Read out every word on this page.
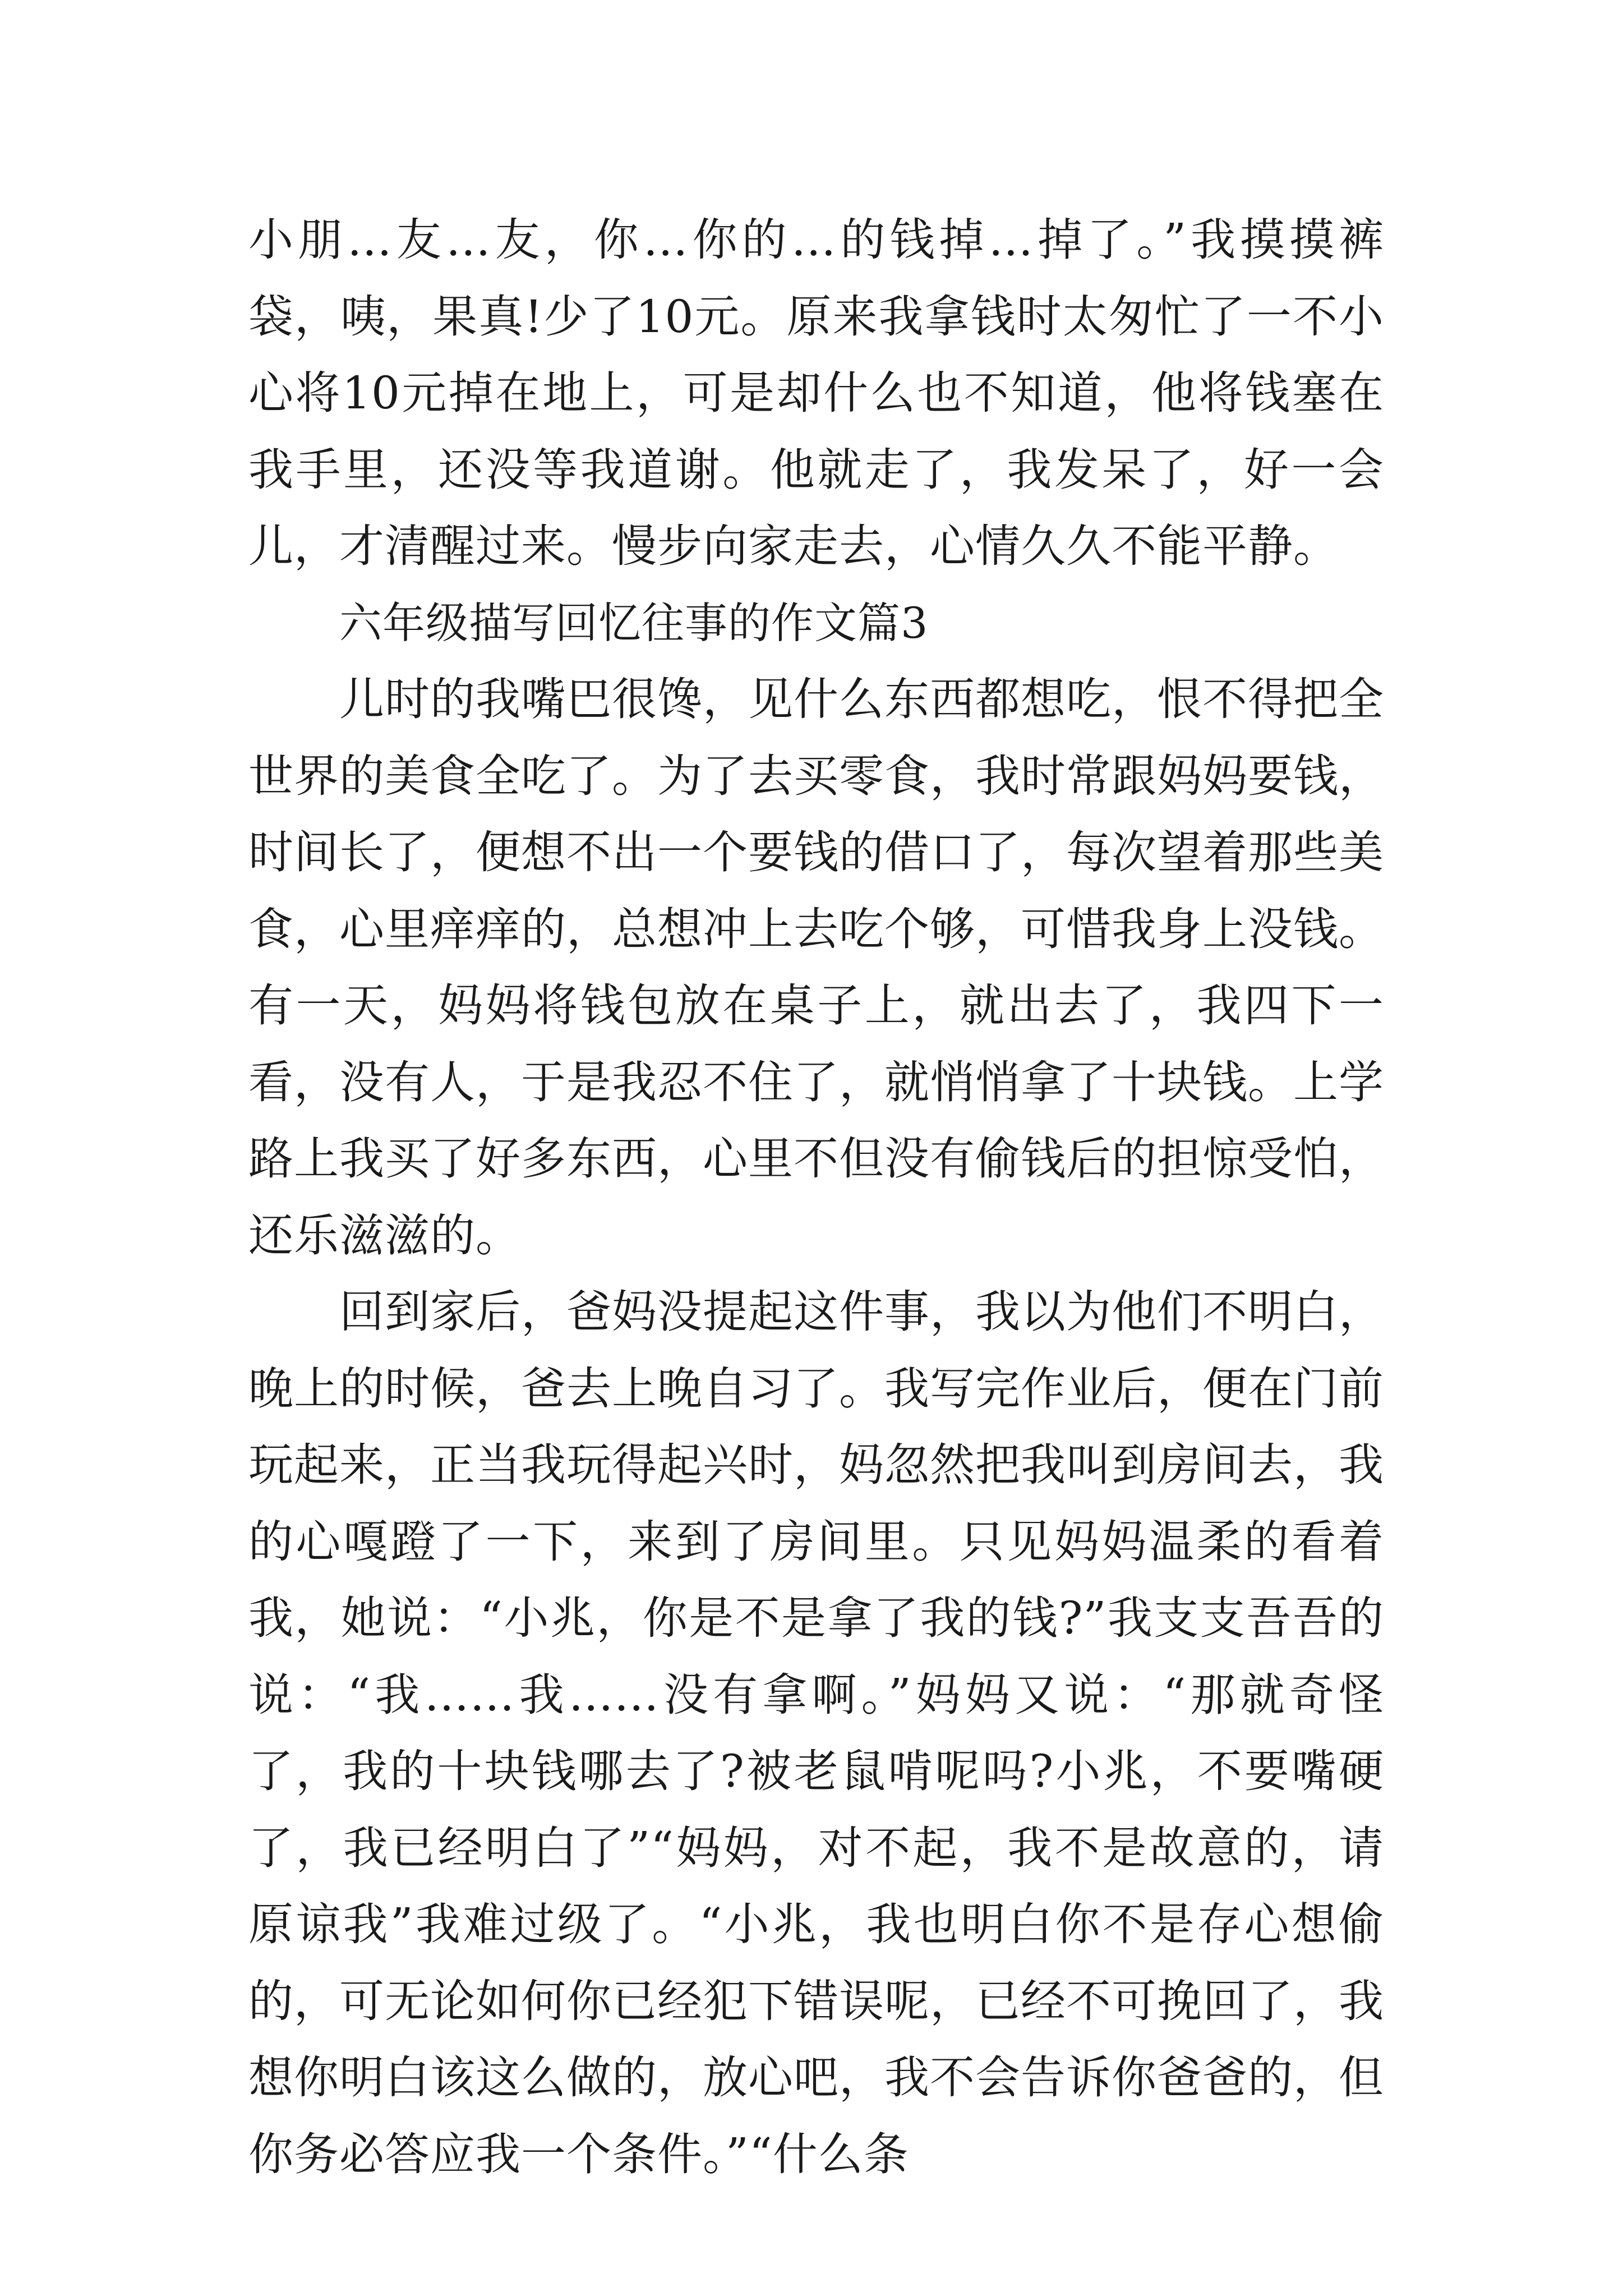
小朋…友…友，你…你的…的钱掉…掉了。”我摸摸裤袋，咦，果真!少了10元。原来我拿钱时太匆忙了一不小心将10元掉在地上，可是却什么也不知道，他将钱塞在我手里，还没等我道谢。他就走了，我发呆了，好一会儿，才清醒过来。慢步向家走去，心情久久不能平静。

六年级描写回忆往事的作文篇3

儿时的我嘴巴很馋，见什么东西都想吃，恨不得把全世界的美食全吃了。为了去买零食，我时常跟妈妈要钱，时间长了，便想不出一个要钱的借口了，每次望着那些美食，心里痒痒的，总想冲上去吃个够，可惜我身上没钱。有一天，妈妈将钱包放在桌子上，就出去了，我四下一看，没有人，于是我忍不住了，就悄悄拿了十块钱。上学路上我买了好多东西，心里不但没有偷钱后的担惊受怕，还乐滋滋的。

回到家后，爸妈没提起这件事，我以为他们不明白，晚上的时候，爸去上晚自习了。我写完作业后，便在门前玩起来，正当我玩得起兴时，妈忽然把我叫到房间去，我的心嘎蹬了一下，来到了房间里。只见妈妈温柔的看着我，她说：“小兆，你是不是拿了我的钱?”我支支吾吾的说：“我……我……没有拿啊。”妈妈又说：“那就奇怪了，我的十块钱哪去了?被老鼠啃呢吗?小兆，不要嘴硬了，我已经明白了”“妈妈，对不起，我不是故意的，请原谅我”我难过级了。“小兆，我也明白你不是存心想偷的，可无论如何你已经犯下错误呢，已经不可挽回了，我想你明白该这么做的，放心吧，我不会告诉你爸爸的，但你务必答应我一个条件。”“什么条
